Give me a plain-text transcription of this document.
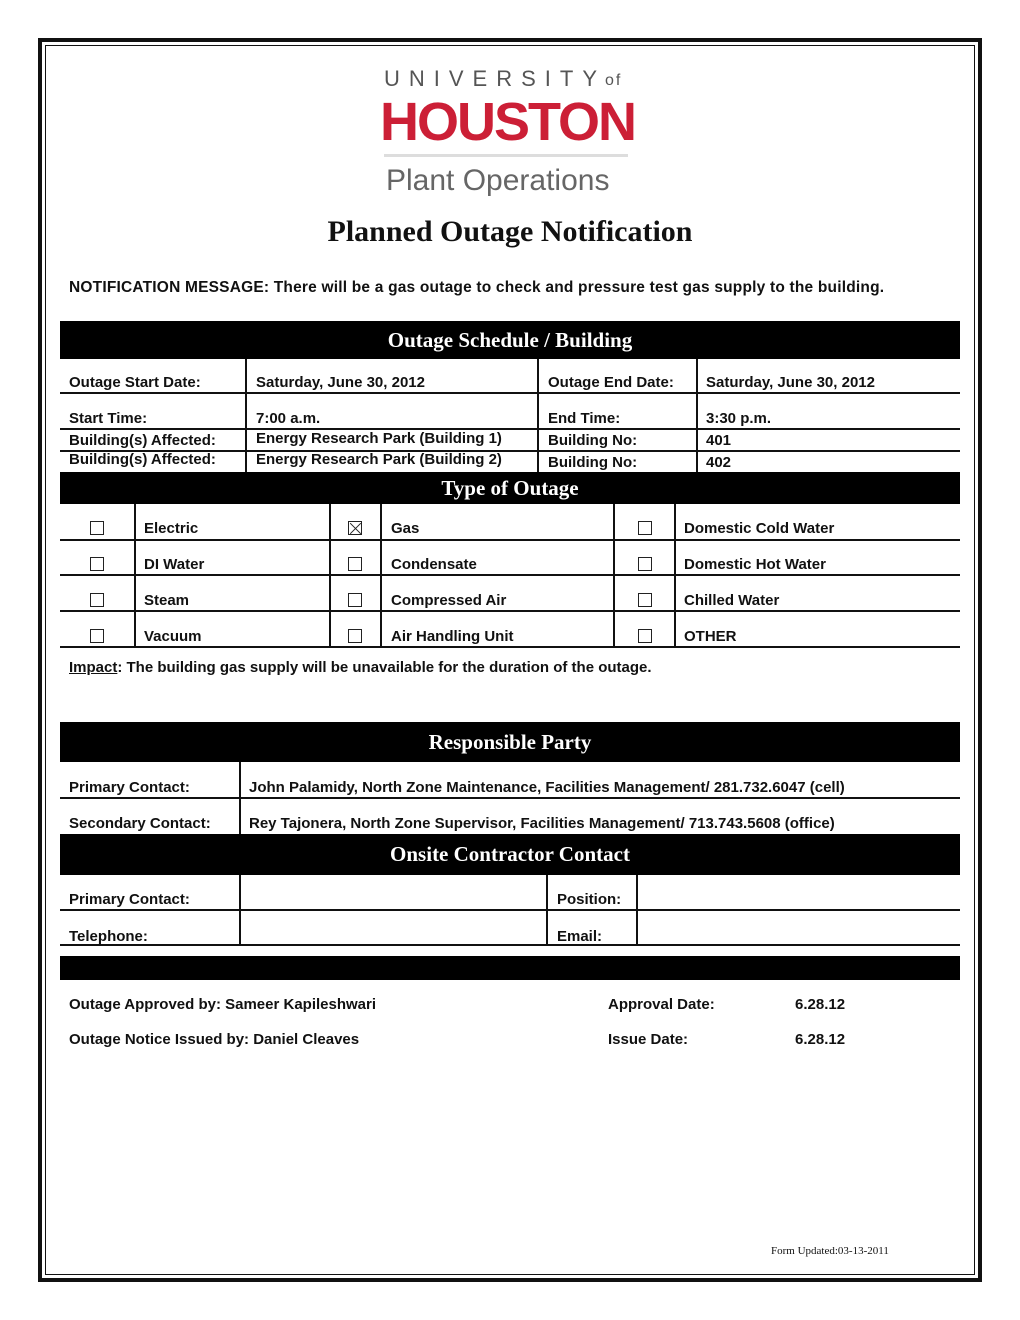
UNIVERSITY
of
HOUSTON
Plant Operations
Planned Outage Notification
NOTIFICATION MESSAGE: There will be a gas outage to check and pressure test gas supply to the building.
Outage Schedule / Building
Outage Start Date:	Saturday, June 30, 2012	Outage End Date: Saturday, June 30, 2012
Start Time:	7:00 a.m.	End Time:	3:30 p.m.
Building(s) Affected:	Energy Research Park (Building 1)	Building No:	401
Building(s) Affected:	Energy Research Park (Building 2)	Building No:	402
Type of Outage
Electric	Gas	Domestic Cold Water
DI Water	Condensate	Domestic Hot Water
Steam	Compressed Air	Chilled Water
Vacuum	Air Handling Unit	OTHER
Impact: The building gas supply will be unavailable for the duration of the outage.
Responsible Party
Primary Contact:	John Palamidy, North Zone Maintenance, Facilities Management/ 281.732.6047 (cell)
Secondary Contact:	Rey Tajonera, North Zone Supervisor, Facilities Management/ 713.743.5608 (office)
Onsite Contractor Contact
Primary Contact:	Position:
Telephone:	Email:
Outage Approved by: Sameer Kapileshwari	Approval Date:	6.28.12
Outage Notice Issued by: Daniel Cleaves	Issue Date:	6.28.12
Form Updated:03-13-2011
